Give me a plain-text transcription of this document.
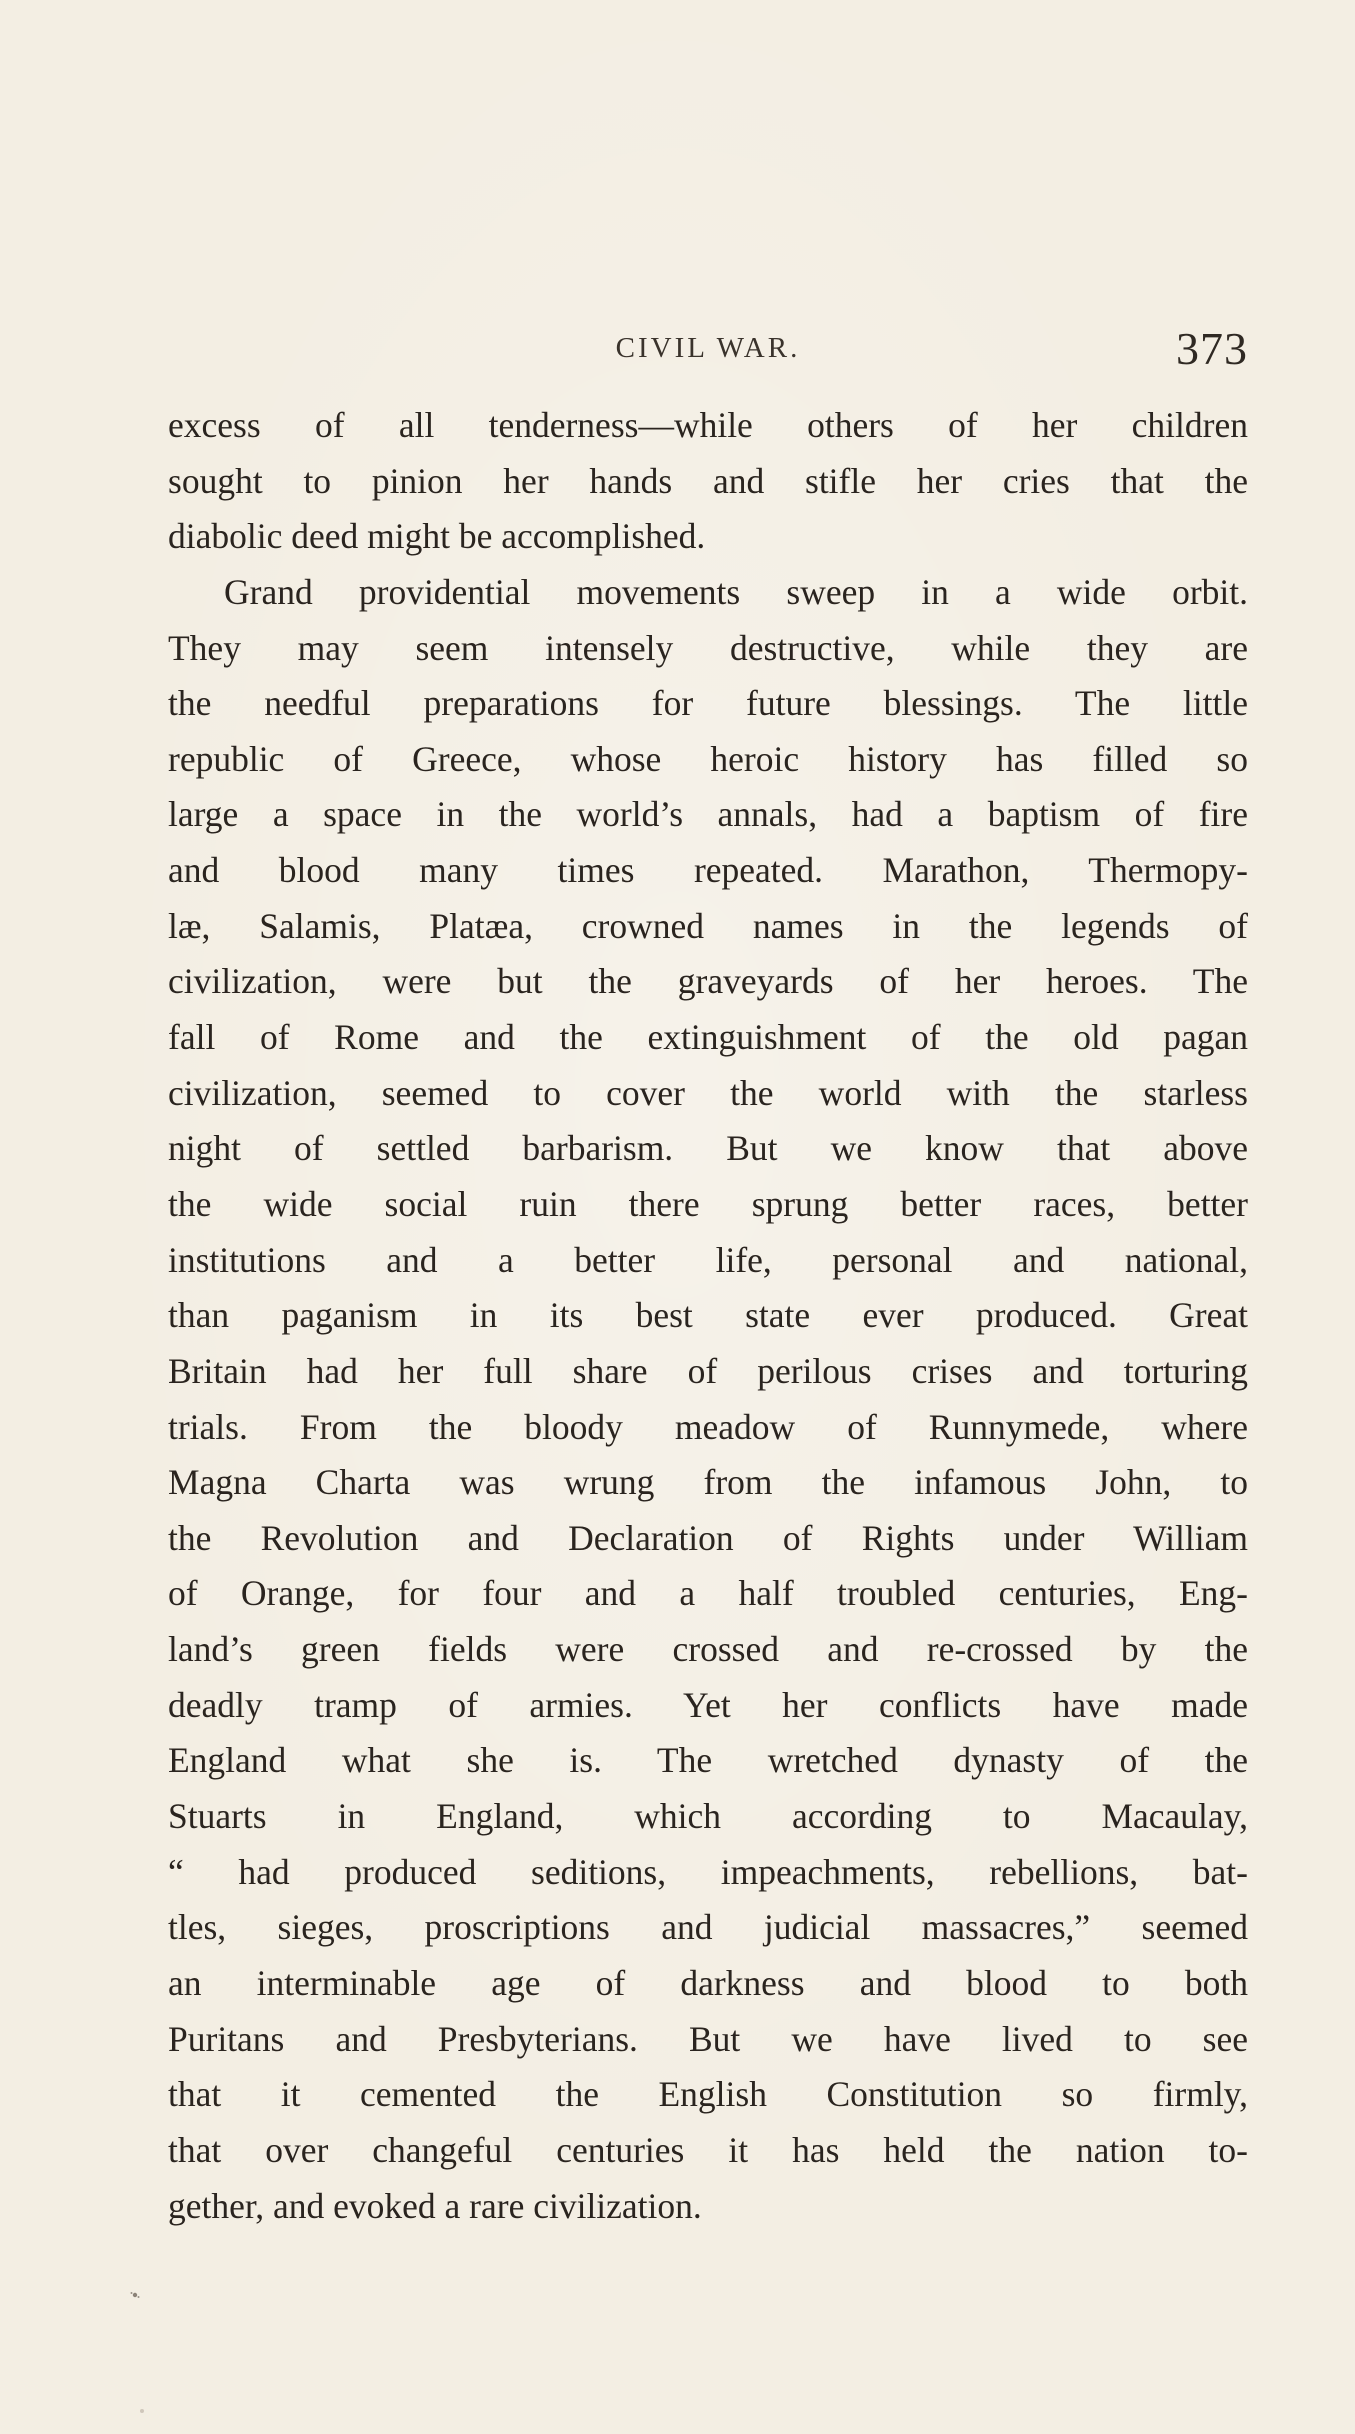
CIVIL WAR.	373
excess of all tenderness—while others of her children
sought to pinion her hands and stifle her cries that the
diabolic deed might be accomplished.
Grand providential movements sweep in a wide orbit.
They may seem intensely destructive, while they are
the needful preparations for future blessings. The little
republic of Greece, whose heroic history has filled so
large a space in the world’s annals, had a baptism of fire
and blood many times repeated. Marathon, Thermopy-
læ, Salamis, Platæa, crowned names in the legends of
civilization, were but the graveyards of her heroes. The
fall of Rome and the extinguishment of the old pagan
civilization, seemed to cover the world with the starless
night of settled barbarism. But we know that above
the wide social ruin there sprung better races, better
institutions and a better life, personal and national,
than paganism in its best state ever produced. Great
Britain had her full share of perilous crises and torturing
trials. From the bloody meadow of Runnymede, where
Magna Charta was wrung from the infamous John, to
the Revolution and Declaration of Rights under William
of Orange, for four and a half troubled centuries, Eng-
land’s green fields were crossed and re-crossed by the
deadly tramp of armies. Yet her conflicts have made
England what she is. The wretched dynasty of the
Stuarts in England, which according to Macaulay,
“ had produced seditions, impeachments, rebellions, bat-
tles, sieges, proscriptions and judicial massacres,” seemed
an interminable age of darkness and blood to both
Puritans and Presbyterians. But we have lived to see
that it cemented the English Constitution so firmly,
that over changeful centuries it has held the nation to-
gether, and evoked a rare civilization.
